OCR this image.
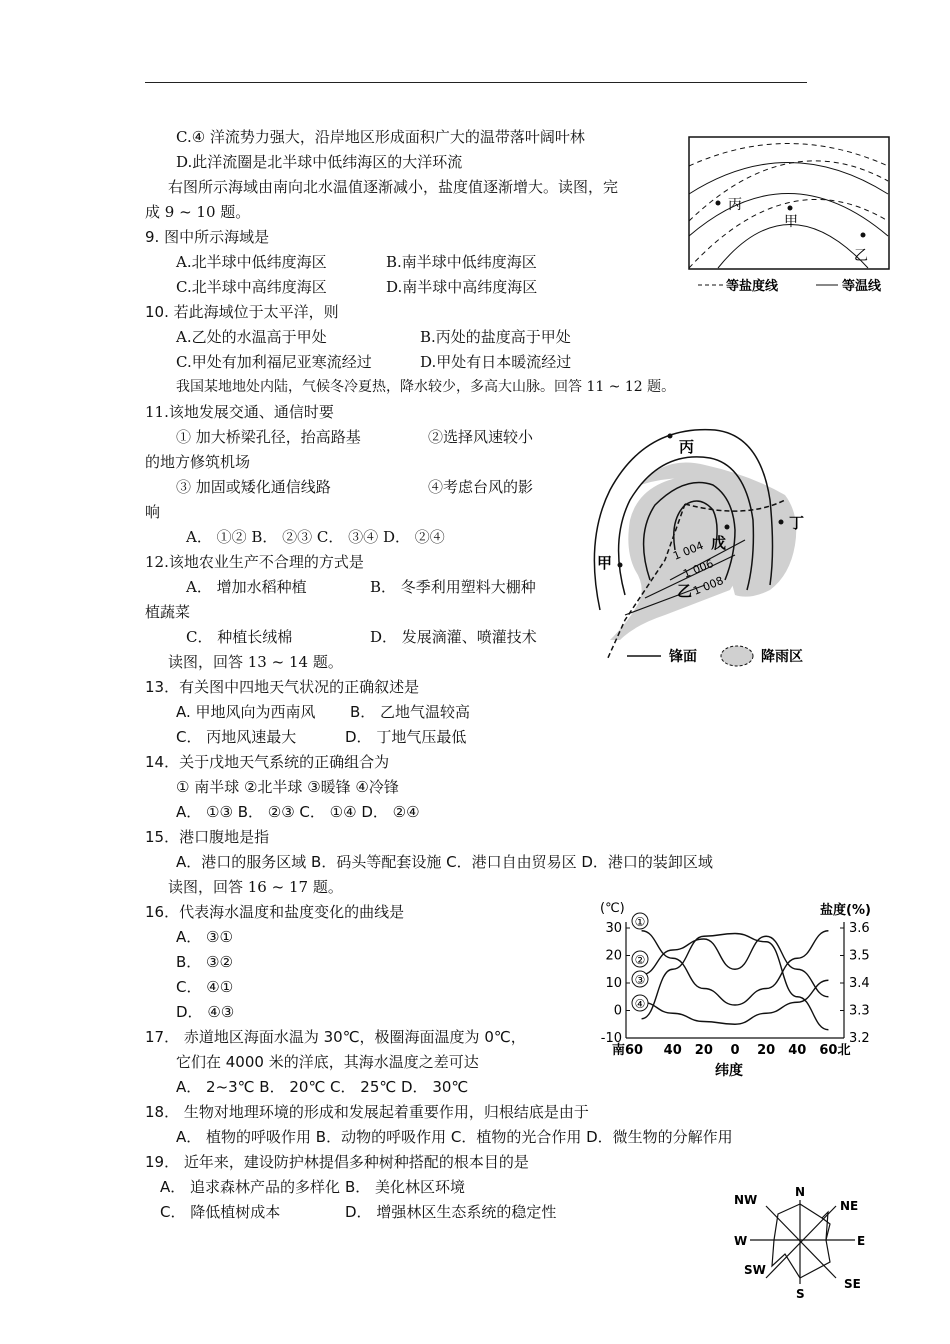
C.④ 洋流势力强大，沿岸地区形成面积广大的温带落叶阔叶林
D.此洋流圈是北半球中低纬海区的大洋环流
右图所示海域由南向北水温值逐渐减小，盐度值逐渐增大。读图，完
成 9 ~ 10 题。
9. 图中所示海域是
A.北半球中低纬度海区	B.南半球中低纬度海区
C.北半球中高纬度海区	D.南半球中高纬度海区
10. 若此海域位于太平洋，则
A.乙处的水温高于甲处	B.丙处的盐度高于甲处
C.甲处有加利福尼亚寒流经过	D.甲处有日本暖流经过
我国某地地处内陆，气候冬冷夏热，降水较少，多高大山脉。回答 11 ~ 12 题。
11.该地发展交通、通信时要
① 加大桥梁孔径，抬高路基	②选择风速较小
的地方修筑机场
③ 加固或矮化通信线路	④考虑台风的影
响
A． ①② B． ②③ C． ③④ D． ②④
12.该地农业生产不合理的方式是
A． 增加水稻种植	B． 冬季利用塑料大棚种
植蔬菜
C． 种植长绒棉	D． 发展滴灌、喷灌技术
读图，回答 13 ~ 14 题。
13．有关图中四地天气状况的正确叙述是
A. 甲地风向为西南风 B． 乙地气温较高
C． 丙地风速最大	D． 丁地气压最低
14．关于戊地天气系统的正确组合为
① 南半球 ②北半球 ③暖锋 ④冷锋
A． ①③ B． ②③ C． ①④ D． ②④
15．港口腹地是指
A．港口的服务区域 B．码头等配套设施 C．港口自由贸易区 D．港口的装卸区域
读图，回答 16 ~ 17 题。
16．代表海水温度和盐度变化的曲线是
A． ③①
B． ③②
C． ④①
D． ④③
17． 赤道地区海面水温为 30℃，极圈海面温度为 0℃，
它们在 4000 米的洋底，其海水温度之差可达
A． 2~3℃ B． 20℃ C． 25℃ D． 30℃
18． 生物对地理环境的形成和发展起着重要作用，归根结底是由于
A． 植物的呼吸作用 B．动物的呼吸作用 C．植物的光合作用 D．微生物的分解作用
19． 近年来，建设防护林提倡多种树种搭配的根本目的是
A． 追求森林产品的多样化 B． 美化林区环境
C． 降低植树成本	D． 增强林区生态系统的稳定性
丙
甲
乙
等盐度线	等温线
丙
甲
丁
戊
1 004
1 006
1 008
乙
锋面	降雨区
(℃)	盐度(%)
30
20
10
0
-10
3.6
3.5
3.4
3.3
3.2
南60 40 20 0 20 40 60 北
①
②
③
④
纬度
N
NE
E
SE
S
SW
W
NW
